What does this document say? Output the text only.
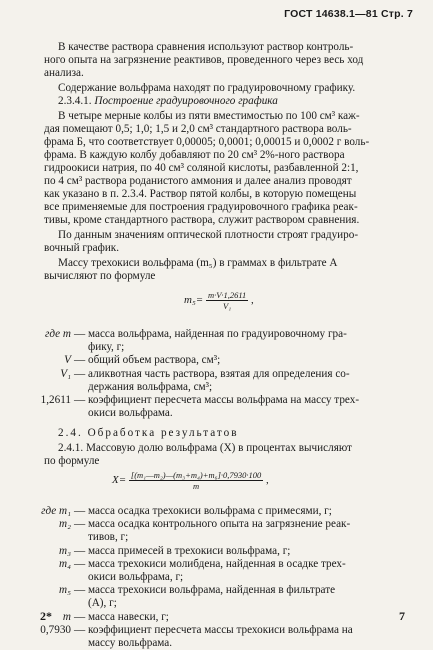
ГОСТ 14638.1—81 Стр. 7
В качестве раствора сравнения используют раствор контроль-
ного опыта на загрязнение реактивов, проведенного через весь ход
анализа.
Содержание вольфрама находят по градуировочному графику.
2.3.4.1. Построение градуировочного графика
В четыре мерные колбы из пяти вместимостью по 100 см³ каж-
дая помещают 0,5; 1,0; 1,5 и 2,0 см³ стандартного раствора воль-
фрама Б, что соответствует 0,00005; 0,0001; 0,00015 и 0,0002 г воль-
фрама. В каждую колбу добавляют по 20 см³ 2%-ного раствора
гидроокиси натрия, по 40 см³ соляной кислоты, разбавленной 2:1,
по 4 см³ раствора роданистого аммония и далее анализ проводят
как указано в п. 2.3.4. Раствор пятой колбы, в которую помещены
все применяемые для построения градуировочного графика реак-
тивы, кроме стандартного раствора, служит раствором сравнения.
По данным значениям оптической плотности строят градуиро-
вочный график.
Массу трехокиси вольфрама (m₅) в граммах в фильтрате А
вычисляют по формуле
$m_5= \frac{m\cdot V\cdot 1,2611}{\text{V₁}}$ ,
где m — масса вольфрама, найденная по градуировочному гра-
фику, г;
V — общий объем раствора, см³;
V₁ — аликвотная часть раствора, взятая для определения со-
держания вольфрама, см³;
1,2611 — коэффициент пересчета массы вольфрама на массу трех-
окиси вольфрама.
2.4. Обработка результатов
2.4.1. Массовую долю вольфрама (X) в процентах вычисляют
по формуле
$X= \frac{\text{[(m₁—m₂)—(m₃+m₄)+m₆]·0,7930·100}}{m}$ ,
где m₁ — масса осадка трехокиси вольфрама с примесями, г;
m₂ — масса осадка контрольного опыта на загрязнение реак-
тивов, г;
m₃ — масса примесей в трехокиси вольфрама, г;
m₄ — масса трехокиси молибдена, найденная в осадке трех-
окиси вольфрама, г;
m₅ — масса трехокиси вольфрама, найденная в фильтрате
(А), г;
m — масса навески, г;
0,7930 — коэффициент пересчета массы трехокиси вольфрама на
массу вольфрама.
2*	7
